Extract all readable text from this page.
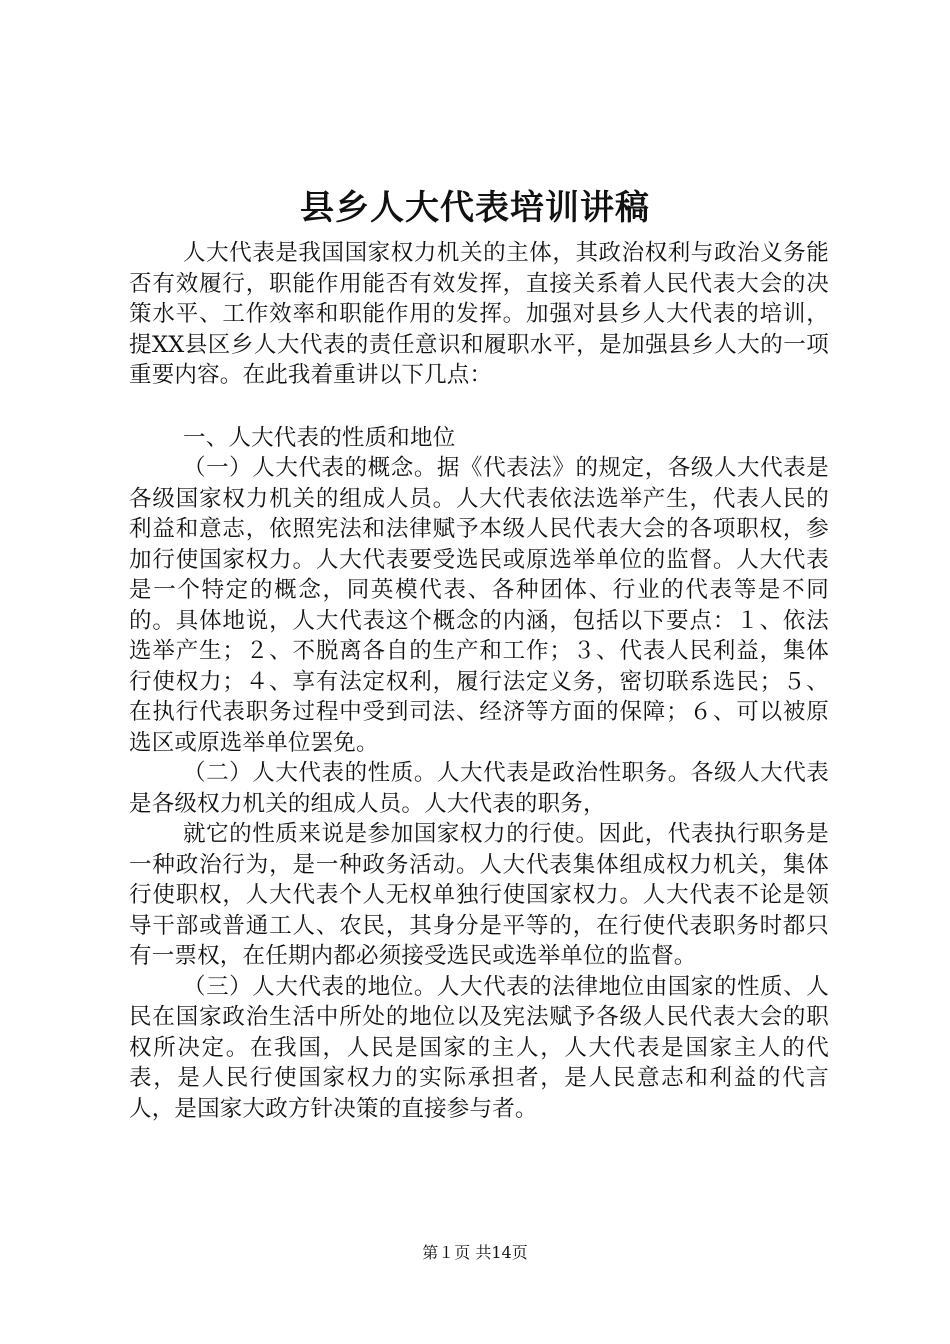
县乡人大代表培训讲稿

人大代表是我国国家权力机关的主体，其政治权利与政治义务能否有效履行，职能作用能否有效发挥，直接关系着人民代表大会的决策水平、工作效率和职能作用的发挥。加强对县乡人大代表的培训，提XX县区乡人大代表的责任意识和履职水平，是加强县乡人大的一项重要内容。在此我着重讲以下几点：

一、人大代表的性质和地位

（一）人大代表的概念。据《代表法》的规定，各级人大代表是各级国家权力机关的组成人员。人大代表依法选举产生，代表人民的利益和意志，依照宪法和法律赋予本级人民代表大会的各项职权，参加行使国家权力。人大代表要受选民或原选举单位的监督。人大代表是一个特定的概念，同英模代表、各种团体、行业的代表等是不同的。具体地说，人大代表这个概念的内涵，包括以下要点：１、依法选举产生；２、不脱离各自的生产和工作；３、代表人民利益，集体行使权力；４、享有法定权利，履行法定义务，密切联系选民；５、在执行代表职务过程中受到司法、经济等方面的保障；６、可以被原选区或原选举单位罢免。

（二）人大代表的性质。人大代表是政治性职务。各级人大代表是各级权力机关的组成人员。人大代表的职务，

就它的性质来说是参加国家权力的行使。因此，代表执行职务是一种政治行为，是一种政务活动。人大代表集体组成权力机关，集体行使职权，人大代表个人无权单独行使国家权力。人大代表不论是领导干部或普通工人、农民，其身分是平等的，在行使代表职务时都只有一票权，在任期内都必须接受选民或选举单位的监督。

（三）人大代表的地位。人大代表的法律地位由国家的性质、人民在国家政治生活中所处的地位以及宪法赋予各级人民代表大会的职权所决定。在我国，人民是国家的主人，人大代表是国家主人的代表，是人民行使国家权力的实际承担者，是人民意志和利益的代言人，是国家大政方针决策的直接参与者。

第１页 共14页
